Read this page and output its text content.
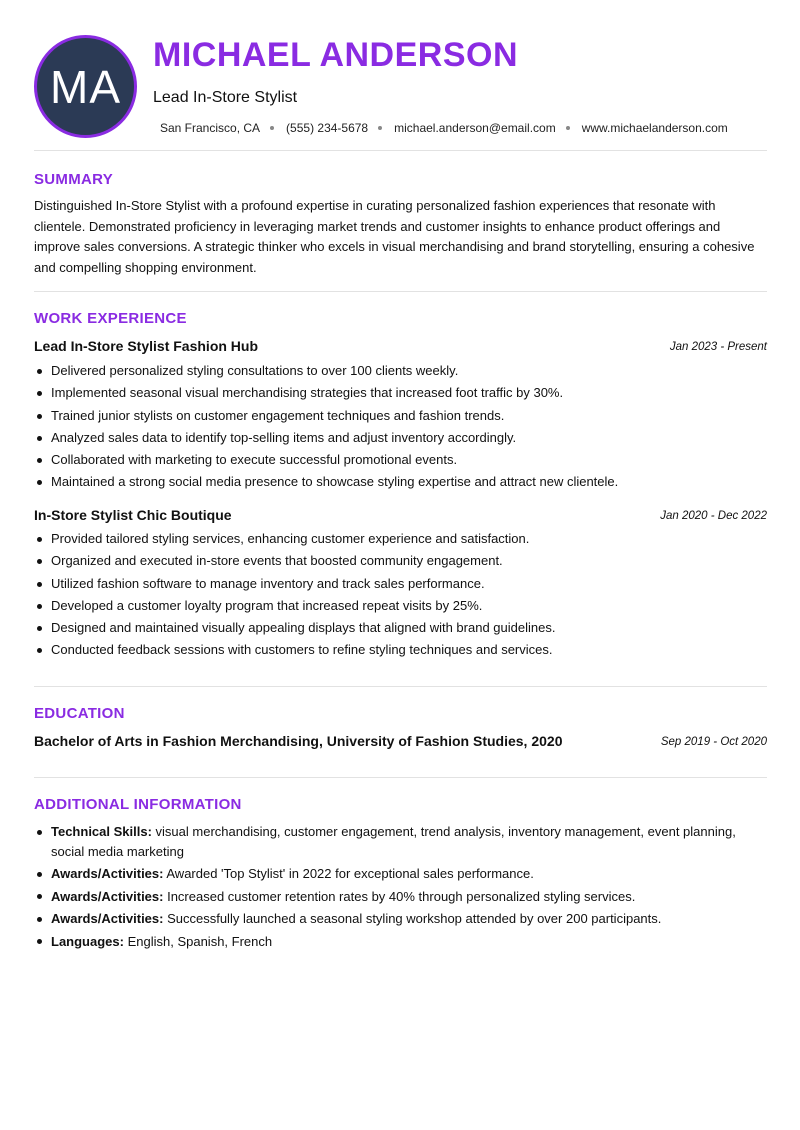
MA
MICHAEL ANDERSON
Lead In-Store Stylist
San Francisco, CA (555) 234-5678 michael.anderson@email.com www.michaelanderson.com
SUMMARY
Distinguished In-Store Stylist with a profound expertise in curating personalized fashion experiences that resonate with clientele. Demonstrated proficiency in leveraging market trends and customer insights to enhance product offerings and improve sales conversions. A strategic thinker who excels in visual merchandising and brand storytelling, ensuring a cohesive and compelling shopping environment.
WORK EXPERIENCE
Lead In-Store Stylist Fashion Hub	Jan 2023 - Present
Delivered personalized styling consultations to over 100 clients weekly.
Implemented seasonal visual merchandising strategies that increased foot traffic by 30%.
Trained junior stylists on customer engagement techniques and fashion trends.
Analyzed sales data to identify top-selling items and adjust inventory accordingly.
Collaborated with marketing to execute successful promotional events.
Maintained a strong social media presence to showcase styling expertise and attract new clientele.
In-Store Stylist Chic Boutique	Jan 2020 - Dec 2022
Provided tailored styling services, enhancing customer experience and satisfaction.
Organized and executed in-store events that boosted community engagement.
Utilized fashion software to manage inventory and track sales performance.
Developed a customer loyalty program that increased repeat visits by 25%.
Designed and maintained visually appealing displays that aligned with brand guidelines.
Conducted feedback sessions with customers to refine styling techniques and services.
EDUCATION
Bachelor of Arts in Fashion Merchandising, University of Fashion Studies, 2020	Sep 2019 - Oct 2020
ADDITIONAL INFORMATION
Technical Skills: visual merchandising, customer engagement, trend analysis, inventory management, event planning, social media marketing
Awards/Activities: Awarded 'Top Stylist' in 2022 for exceptional sales performance.
Awards/Activities: Increased customer retention rates by 40% through personalized styling services.
Awards/Activities: Successfully launched a seasonal styling workshop attended by over 200 participants.
Languages: English, Spanish, French
